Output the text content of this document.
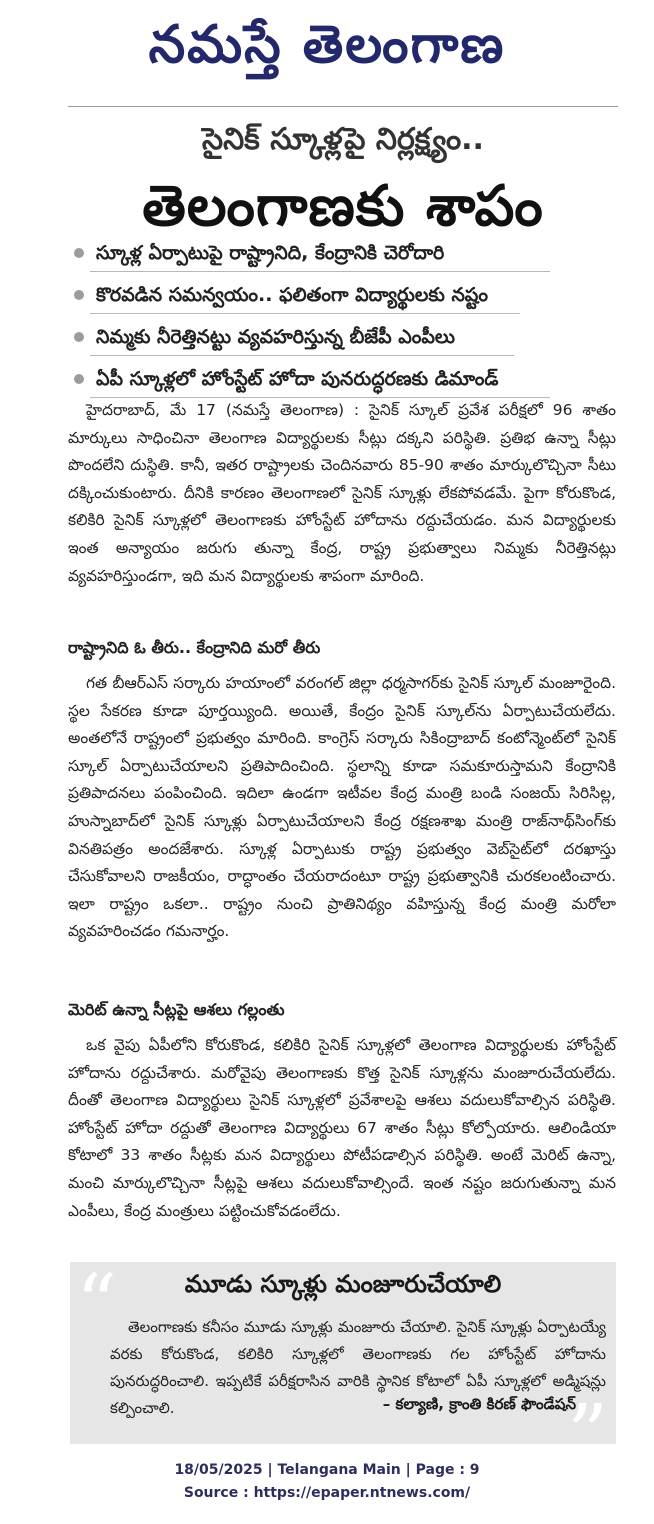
నమస్తే తెలంగాణ
సైనిక్ స్కూళ్లపై నిర్లక్ష్యం..
తెలంగాణకు శాపం
స్కూళ్ల ఏర్పాటుపై రాష్ట్రానిది, కేంద్రానికి చెరోదారి
కొరవడిన సమన్వయం.. ఫలితంగా విద్యార్థులకు నష్టం
నిమ్మకు నీరెత్తినట్టు వ్యవహరిస్తున్న బీజేపీ ఎంపీలు
ఏపీ స్కూళ్లలో హోంస్టేట్ హోదా పునరుద్ధరణకు డిమాండ్
హైదరాబాద్, మే 17 (నమస్తే తెలంగాణ) : సైనిక్ స్కూల్ ప్రవేశ పరీక్షలో 96 శాతం మార్కులు సాధించినా తెలంగాణ విద్యార్థులకు సీట్లు దక్కని పరిస్థితి. ప్రతిభ ఉన్నా సీట్లు పొందలేని దుస్థితి. కానీ, ఇతర రాష్ట్రాలకు చెందినవారు 85-90 శాతం మార్కులొచ్చినా సీటు దక్కించుకుంటారు. దీనికి కారణం తెలంగాణలో సైనిక్ స్కూళ్లు లేకపోవడమే. పైగా కోరుకొండ, కలికిరి సైనిక్ స్కూళ్లలో తెలంగాణకు హోంస్టేట్ హోదాను రద్దుచేయడం. మన విద్యార్థులకు ఇంత అన్యాయం జరుగు తున్నా కేంద్ర, రాష్ట్ర ప్రభుత్వాలు నిమ్మకు నీరెత్తినట్లు వ్యవహరిస్తుండగా, ఇది మన విద్యార్థులకు శాపంగా మారింది.
రాష్ట్రానిది ఓ తీరు.. కేంద్రానిది మరో తీరు
గత బీఆర్ఎస్ సర్కారు హయాంలో వరంగల్ జిల్లా ధర్మసాగర్‌కు సైనిక్ స్కూల్ మంజూరైంది. స్థల సేకరణ కూడా పూర్తయ్యింది. అయితే, కేంద్రం సైనిక్ స్కూల్‌ను ఏర్పాటుచేయలేదు. అంతలోనే రాష్ట్రంలో ప్రభుత్వం మారింది. కాంగ్రెస్ సర్కారు సికింద్రాబాద్ కంటోన్మెంట్‌లో సైనిక్ స్కూల్ ఏర్పాటుచేయాలని ప్రతిపాదించింది. స్థలాన్ని కూడా సమకూరుస్తామని కేంద్రానికి ప్రతిపాదనలు పంపించింది. ఇదిలా ఉండగా ఇటీవల కేంద్ర మంత్రి బండి సంజయ్ సిరిసిల్ల, హుస్నాబాద్‌లో సైనిక్ స్కూళ్లు ఏర్పాటుచేయాలని కేంద్ర రక్షణశాఖ మంత్రి రాజ్‌నాథ్‌సింగ్‌కు వినతిపత్రం అందజేశారు. స్కూళ్ల ఏర్పాటుకు రాష్ట్ర ప్రభుత్వం వెబ్‌సైట్‌లో దరఖాస్తు చేసుకోవాలని రాజకీయం, రాద్ధాంతం చేయరాదంటూ రాష్ట్ర ప్రభుత్వానికి చురకలంటించారు. ఇలా రాష్ట్రం ఒకలా.. రాష్ట్రం నుంచి ప్రాతినిథ్యం వహిస్తున్న కేంద్ర మంత్రి మరోలా వ్యవహరించడం గమనార్హం.
మెరిట్ ఉన్నా సీట్లపై ఆశలు గల్లంతు
ఒక వైపు ఏపీలోని కోరుకొండ, కలికిరి సైనిక్ స్కూళ్లలో తెలంగాణ విద్యార్థులకు హోంస్టేట్ హోదాను రద్దుచేశారు. మరోవైపు తెలంగాణకు కొత్త సైనిక్ స్కూళ్లను మంజూరుచేయలేదు. దీంతో తెలంగాణ విద్యార్థులు సైనిక్ స్కూళ్లలో ప్రవేశాలపై ఆశలు వదులుకోవాల్సిన పరిస్థితి. హోంస్టేట్ హోదా రద్దుతో తెలంగాణ విద్యార్థులు 67 శాతం సీట్లు కోల్పోయారు. ఆలిండియా కోటాలో 33 శాతం సీట్లకు మన విద్యార్థులు పోటీపడాల్సిన పరిస్థితి. అంటే మెరిట్ ఉన్నా, మంచి మార్కులొచ్చినా సీట్లపై ఆశలు వదులుకోవాల్సిందే. ఇంత నష్టం జరుగుతున్నా మన ఎంపీలు, కేంద్ర మంత్రులు పట్టించుకోవడంలేదు.
“
”
మూడు స్కూళ్లు మంజూరుచేయాలి
తెలంగాణకు కనీసం మూడు స్కూళ్లు మంజూరు చేయాలి. సైనిక్ స్కూళ్లు ఏర్పాటయ్యే వరకు కోరుకొండ, కలికిరి స్కూళ్లలో తెలంగాణకు గల హోంస్టేట్ హోదాను పునరుద్ధరించాలి. ఇప్పటికే పరీక్షరాసిన వారికి స్థానిక కోటాలో ఏపీ స్కూళ్లలో అడ్మిషన్లు కల్పించాలి.	– కల్యాణి, క్రాంతి కిరణ్ ఫౌండేషన్
18/05/2025 | Telangana Main | Page : 9
Source : https://epaper.ntnews.com/
